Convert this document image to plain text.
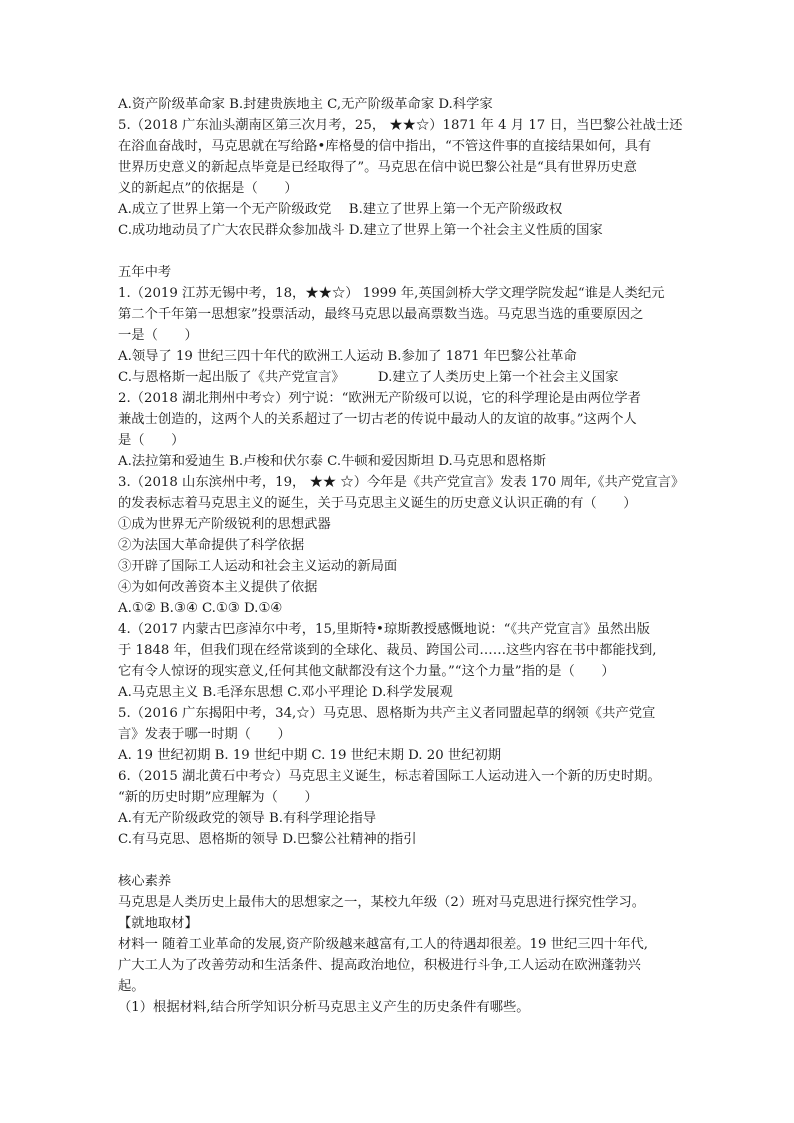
A.资产阶级革命家 B.封建贵族地主 C,无产阶级革命家 D.科学家
5.（2018 广东汕头潮南区第三次月考，25， ★★☆）1871 年 4 月 17 日，当巴黎公社战士还
在浴血奋战时，马克思就在写给路•库格曼的信中指出，“不管这件事的直接结果如何，具有
世界历史意义的新起点毕竟是已经取得了”。马克思在信中说巴黎公社是“具有世界历史意
义的新起点”的依据是（　　）
A.成立了世界上第一个无产阶级政党　 B.建立了世界上第一个无产阶级政权
C.成功地动员了广大农民群众参加战斗 D.建立了世界上第一个社会主义性质的国家
五年中考
1.（2019 江苏无锡中考，18，★★☆） 1999 年,英国剑桥大学文理学院发起“谁是人类纪元
第二个千年第一思想家”投票活动，最终马克思以最高票数当选。马克思当选的重要原因之
一是（　　）
A.领导了 19 世纪三四十年代的欧洲工人运动 B.参加了 1871 年巴黎公社革命
C.与恩格斯一起出版了《共产党宣言》　　　D.建立了人类历史上第一个社会主义国家
2.（2018 湖北荆州中考☆）列宁说：“欧洲无产阶级可以说，它的科学理论是由两位学者
兼战士创造的，这两个人的关系超过了一切古老的传说中最动人的友谊的故事。”这两个人
是（　　）
A.法拉第和爱迪生 B.卢梭和伏尔泰 C.牛顿和爱因斯坦 D.马克思和恩格斯
3.（2018 山东滨州中考，19， ★★ ☆）今年是《共产党宣言》发表 170 周年,《共产党宣言》
的发表标志着马克思主义的诞生，关于马克思主义诞生的历史意义认识正确的有（　　）
①成为世界无产阶级锐利的思想武器
②为法国大革命提供了科学依据
③开辟了国际工人运动和社会主义运动的新局面
④为如何改善资本主义提供了依据
A.①② B.③④ C.①③ D.①④
4.（2017 内蒙古巴彦淖尔中考，15,里斯特•琼斯教授感慨地说：“《共产党宣言》虽然出版
于 1848 年，但我们现在经常谈到的全球化、裁员、跨国公司……这些内容在书中都能找到,
它有令人惊讶的现实意义,任何其他文献都没有这个力量。”“这个力量”指的是（　　）
A.马克思主义 B.毛泽东思想 C.邓小平理论 D.科学发展观
5.（2016 广东揭阳中考，34,☆）马克思、恩格斯为共产主义者同盟起草的纲领《共产党宣
言》发表于哪一时期（　　）
A. 19 世纪初期 B. 19 世纪中期 C. 19 世纪末期 D. 20 世纪初期
6.（2015 湖北黄石中考☆）马克思主义诞生，标志着国际工人运动进入一个新的历史时期。
“新的历史时期”应理解为（　　）
A.有无产阶级政党的领导 B.有科学理论指导
C.有马克思、恩格斯的领导 D.巴黎公社精神的指引
核心素养
马克思是人类历史上最伟大的思想家之一，某校九年级（2）班对马克思进行探究性学习。
【就地取材】
材料一 随着工业革命的发展,资产阶级越来越富有,工人的待遇却很差。19 世纪三四十年代,
广大工人为了改善劳动和生活条件、提高政治地位，积极进行斗争,工人运动在欧洲蓬勃兴
起。
（1）根据材料,结合所学知识分析马克思主义产生的历史条件有哪些。
